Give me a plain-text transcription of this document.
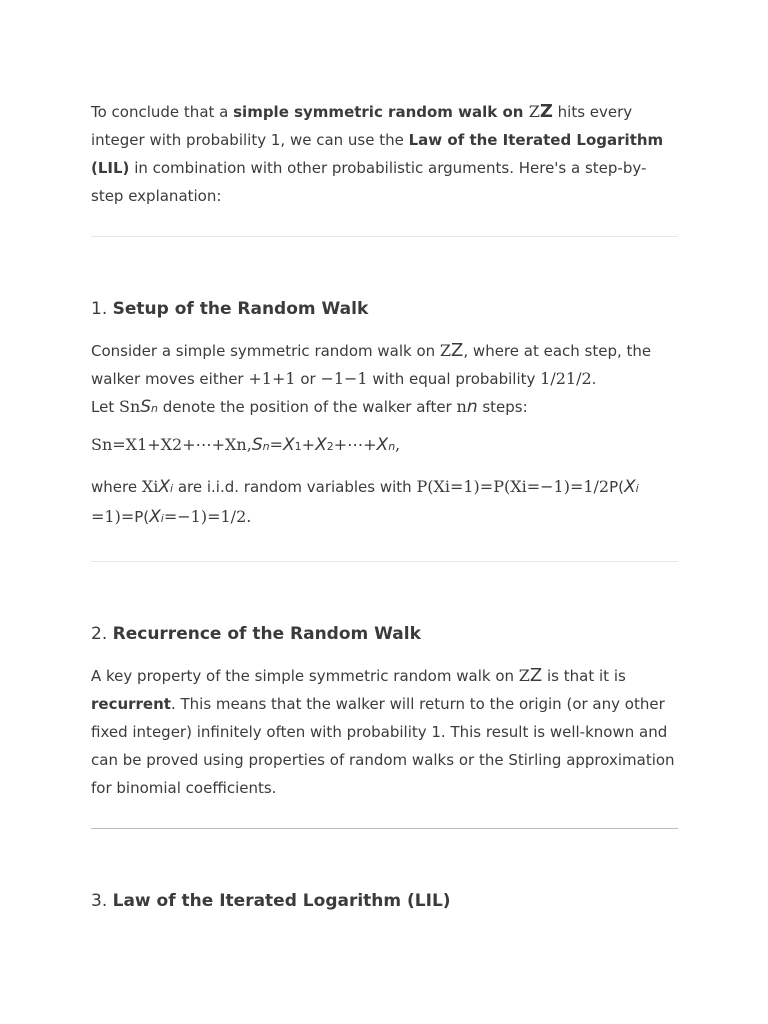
To conclude that a simple symmetric random walk on ZZ hits every integer with probability 1, we can use the Law of the Iterated Logarithm (LIL) in combination with other probabilistic arguments. Here's a step-by-step explanation:

1. Setup of the Random Walk

Consider a simple symmetric random walk on ZZ, where at each step, the walker moves either +1+1 or −1−1 with equal probability 1/21/2.
Let SnSn denote the position of the walker after nn steps:

Sn=X1+X2+⋯+Xn,Sn=X1+X2+⋯+Xn,

where XiXi are i.i.d. random variables with P(Xi=1)=P(Xi=−1)=1/2P(Xi
=1)=P(Xi=−1)=1/2.

2. Recurrence of the Random Walk

A key property of the simple symmetric random walk on ZZ is that it is recurrent. This means that the walker will return to the origin (or any other fixed integer) infinitely often with probability 1. This result is well-known and can be proved using properties of random walks or the Stirling approximation for binomial coefficients.

3. Law of the Iterated Logarithm (LIL)
